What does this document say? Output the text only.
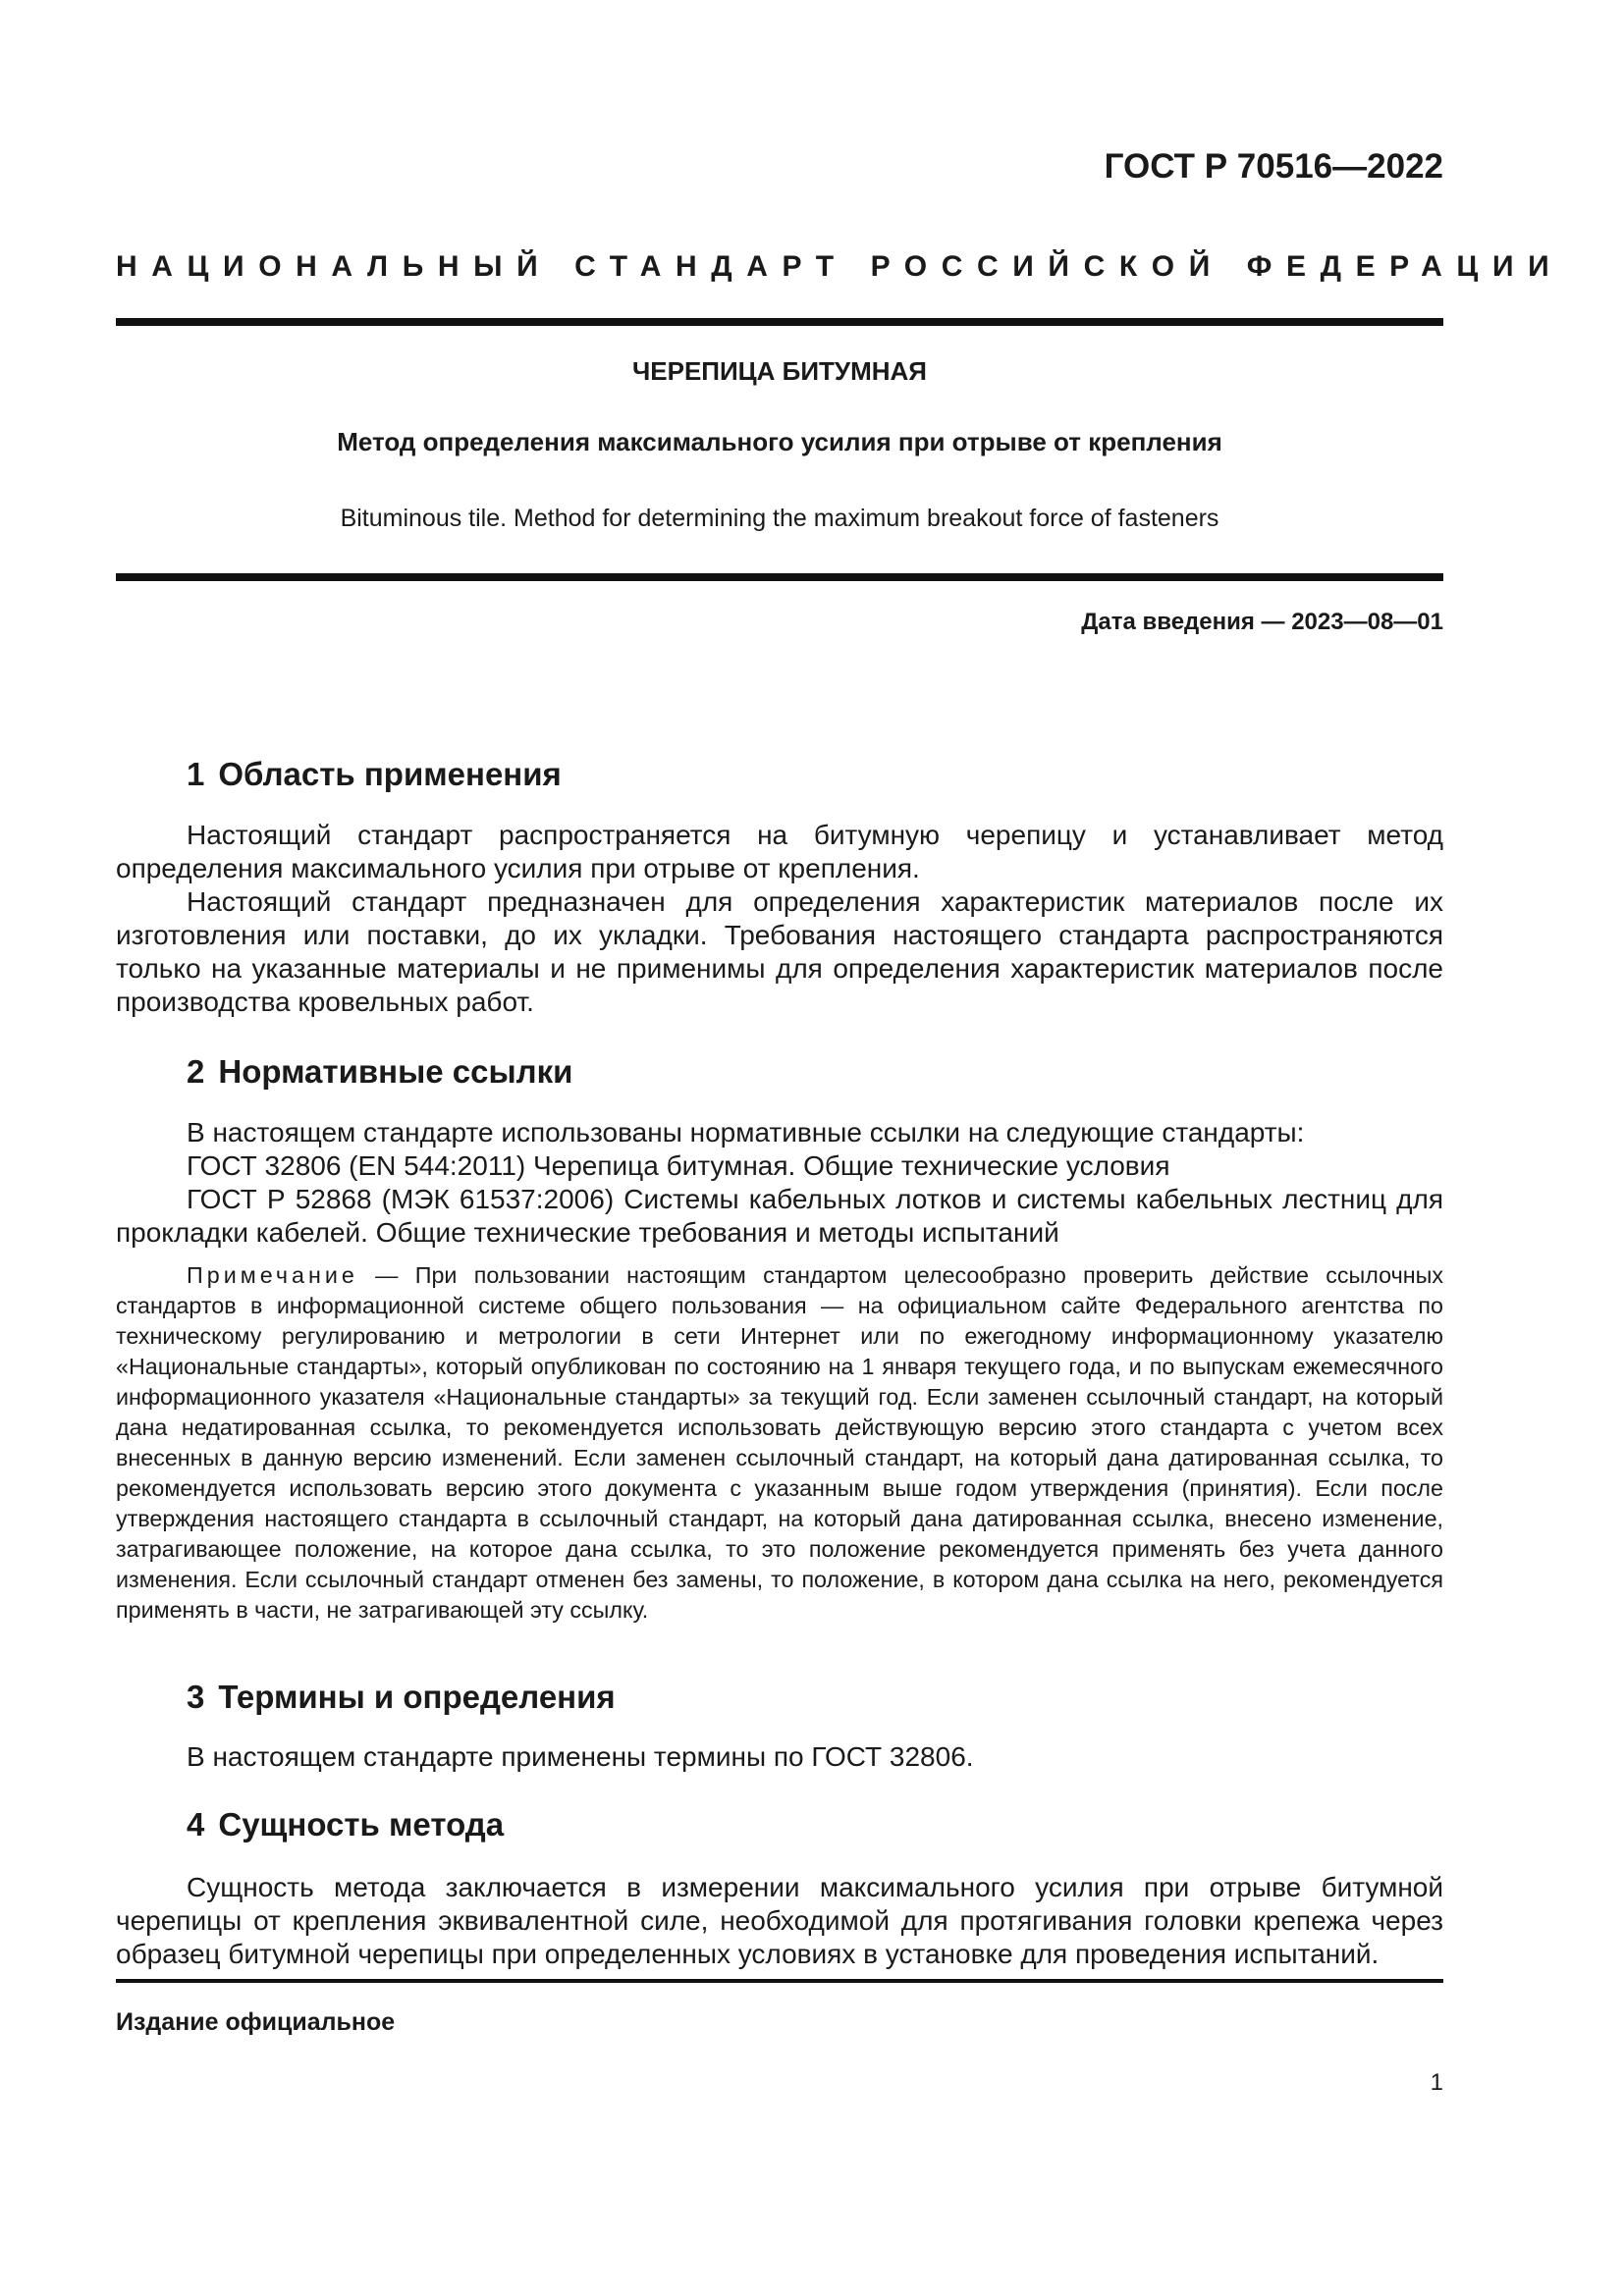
ГОСТ Р 70516—2022
НАЦИОНАЛЬНЫЙ СТАНДАРТ РОССИЙСКОЙ ФЕДЕРАЦИИ
ЧЕРЕПИЦА БИТУМНАЯ
Метод определения максимального усилия при отрыве от крепления
Bituminous tile. Method for determining the maximum breakout force of fasteners
Дата введения — 2023—08—01
1 Область применения
Настоящий стандарт распространяется на битумную черепицу и устанавливает метод определения максимального усилия при отрыве от крепления.
Настоящий стандарт предназначен для определения характеристик материалов после их изготовления или поставки, до их укладки. Требования настоящего стандарта распространяются только на указанные материалы и не применимы для определения характеристик материалов после производства кровельных работ.
2 Нормативные ссылки
В настоящем стандарте использованы нормативные ссылки на следующие стандарты:
ГОСТ 32806 (EN 544:2011) Черепица битумная. Общие технические условия
ГОСТ Р 52868 (МЭК 61537:2006) Системы кабельных лотков и системы кабельных лестниц для прокладки кабелей. Общие технические требования и методы испытаний
Примечание — При пользовании настоящим стандартом целесообразно проверить действие ссылочных стандартов в информационной системе общего пользования — на официальном сайте Федерального агентства по техническому регулированию и метрологии в сети Интернет или по ежегодному информационному указателю «Национальные стандарты», который опубликован по состоянию на 1 января текущего года, и по выпускам ежемесячного информационного указателя «Национальные стандарты» за текущий год. Если заменен ссылочный стандарт, на который дана недатированная ссылка, то рекомендуется использовать действующую версию этого стандарта с учетом всех внесенных в данную версию изменений. Если заменен ссылочный стандарт, на который дана датированная ссылка, то рекомендуется использовать версию этого документа с указанным выше годом утверждения (принятия). Если после утверждения настоящего стандарта в ссылочный стандарт, на который дана датированная ссылка, внесено изменение, затрагивающее положение, на которое дана ссылка, то это положение рекомендуется применять без учета данного изменения. Если ссылочный стандарт отменен без замены, то положение, в котором дана ссылка на него, рекомендуется применять в части, не затрагивающей эту ссылку.
3 Термины и определения
В настоящем стандарте применены термины по ГОСТ 32806.
4 Сущность метода
Сущность метода заключается в измерении максимального усилия при отрыве битумной черепицы от крепления эквивалентной силе, необходимой для протягивания головки крепежа через образец битумной черепицы при определенных условиях в установке для проведения испытаний.
Издание официальное
1
